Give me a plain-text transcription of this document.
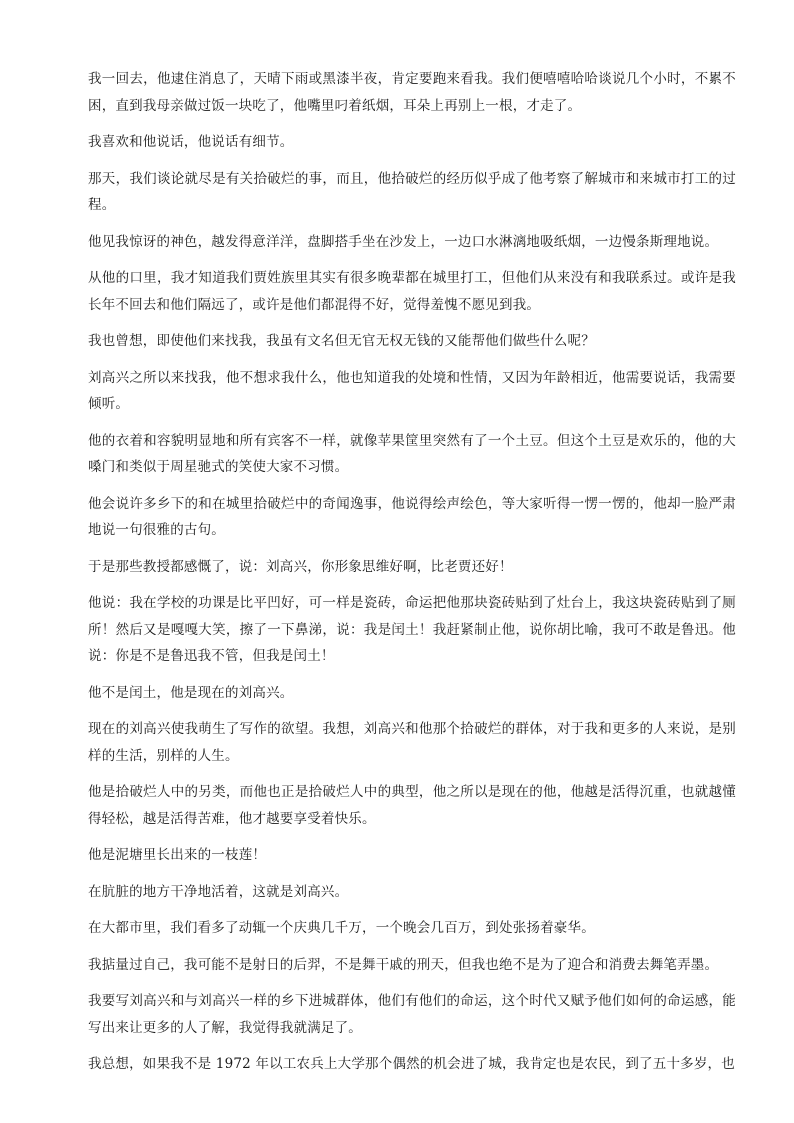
我一回去，他逮住消息了，天晴下雨或黑漆半夜，肯定要跑来看我。我们便嘻嘻哈哈谈说几个小时，不累不困，直到我母亲做过饭一块吃了，他嘴里叼着纸烟，耳朵上再别上一根，才走了。

我喜欢和他说话，他说话有细节。

那天，我们谈论就尽是有关拾破烂的事，而且，他拾破烂的经历似乎成了他考察了解城市和来城市打工的过程。

他见我惊讶的神色，越发得意洋洋，盘脚搭手坐在沙发上，一边口水淋漓地吸纸烟，一边慢条斯理地说。

从他的口里，我才知道我们贾姓族里其实有很多晚辈都在城里打工，但他们从来没有和我联系过。或许是我长年不回去和他们隔远了，或许是他们都混得不好，觉得羞愧不愿见到我。

我也曾想，即使他们来找我，我虽有文名但无官无权无钱的又能帮他们做些什么呢？

刘高兴之所以来找我，他不想求我什么，他也知道我的处境和性情，又因为年龄相近，他需要说话，我需要倾听。

他的衣着和容貌明显地和所有宾客不一样，就像苹果筐里突然有了一个土豆。但这个土豆是欢乐的，他的大嗓门和类似于周星驰式的笑使大家不习惯。

他会说许多乡下的和在城里拾破烂中的奇闻逸事，他说得绘声绘色，等大家听得一愣一愣的，他却一脸严肃地说一句很雅的古句。

于是那些教授都感慨了，说：刘高兴，你形象思维好啊，比老贾还好！

他说：我在学校的功课是比平凹好，可一样是瓷砖，命运把他那块瓷砖贴到了灶台上，我这块瓷砖贴到了厕所！然后又是嘎嘎大笑，擦了一下鼻涕，说：我是闰土！我赶紧制止他，说你胡比喻，我可不敢是鲁迅。他说：你是不是鲁迅我不管，但我是闰土！

他不是闰土，他是现在的刘高兴。

现在的刘高兴使我萌生了写作的欲望。我想，刘高兴和他那个拾破烂的群体，对于我和更多的人来说，是别样的生活，别样的人生。

他是拾破烂人中的另类，而他也正是拾破烂人中的典型，他之所以是现在的他，他越是活得沉重，也就越懂得轻松，越是活得苦难，他才越要享受着快乐。

他是泥塘里长出来的一枝莲！

在肮脏的地方干净地活着，这就是刘高兴。

在大都市里，我们看多了动辄一个庆典几千万，一个晚会几百万，到处张扬着豪华。

我掂量过自己，我可能不是射日的后羿，不是舞干戚的刑天，但我也绝不是为了迎合和消费去舞笔弄墨。

我要写刘高兴和与刘高兴一样的乡下进城群体，他们有他们的命运，这个时代又赋予他们如何的命运感，能写出来让更多的人了解，我觉得我就满足了。

我总想，如果我不是 1972 年以工农兵上大学那个偶然的机会进了城，我肯定也是农民，到了五十多岁，也
